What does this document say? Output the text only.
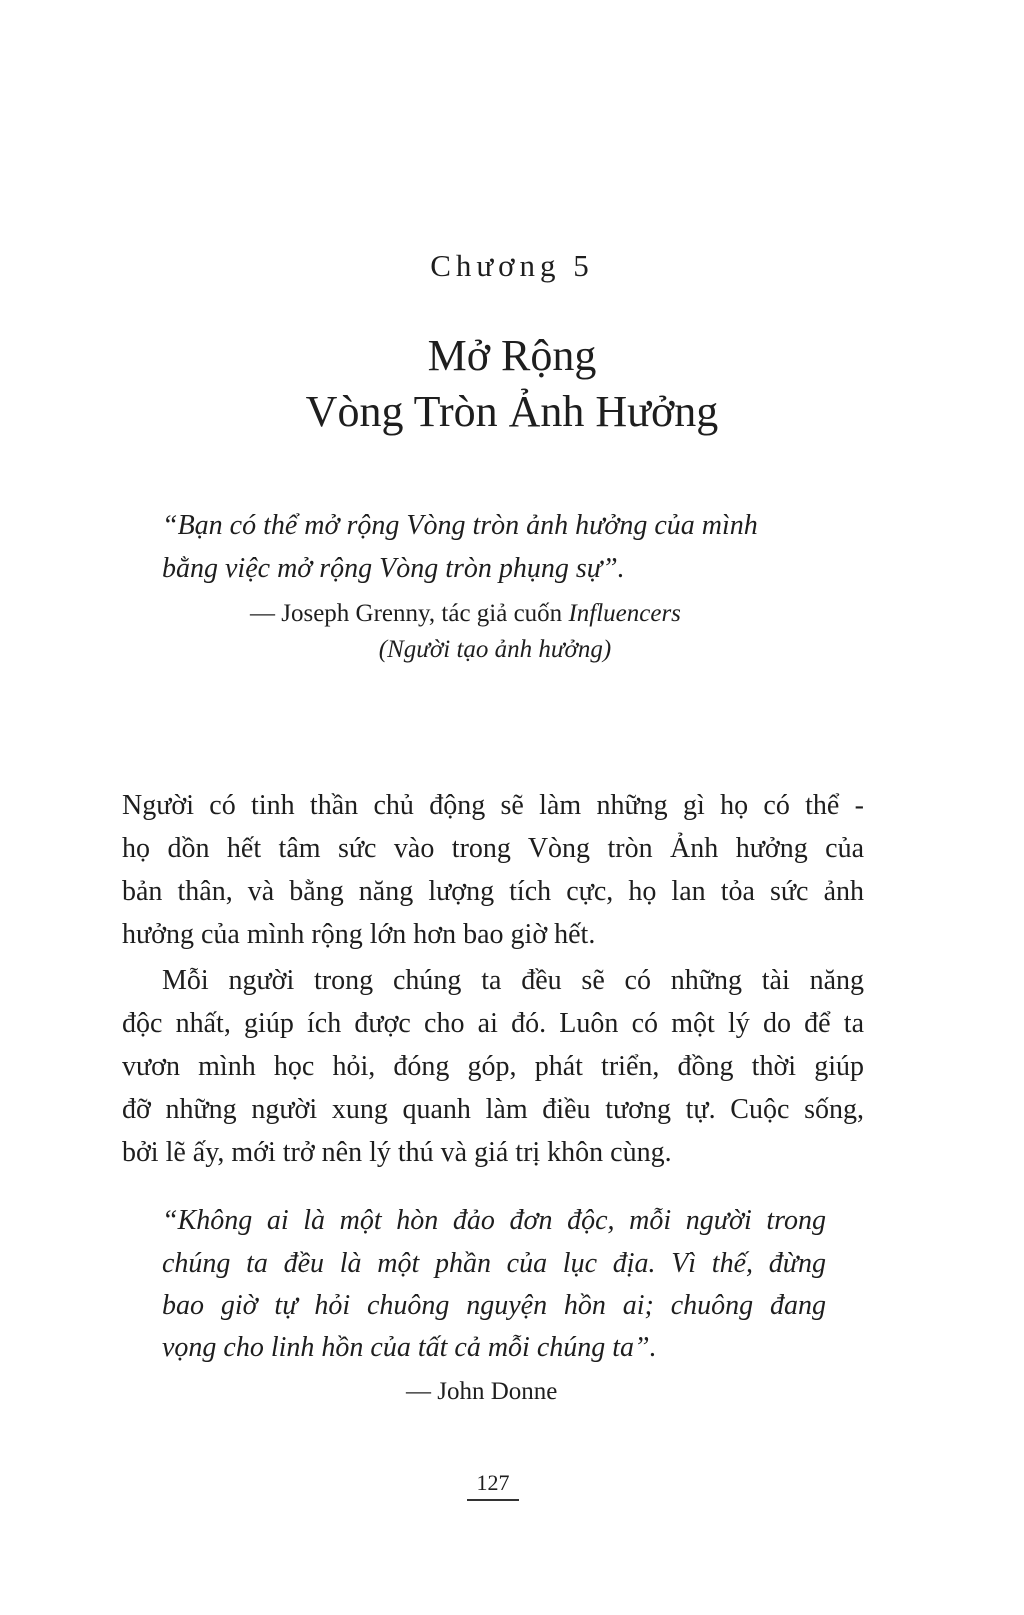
Chương 5
Mở Rộng
Vòng Tròn Ảnh Hưởng
“Bạn có thể mở rộng Vòng tròn ảnh hưởng của mình
bằng việc mở rộng Vòng tròn phụng sự”.
— Joseph Grenny, tác giả cuốn Influencers
(Người tạo ảnh hưởng)
Người có tinh thần chủ động sẽ làm những gì họ có thể -
họ dồn hết tâm sức vào trong Vòng tròn Ảnh hưởng của
bản thân, và bằng năng lượng tích cực, họ lan tỏa sức ảnh
hưởng của mình rộng lớn hơn bao giờ hết.
Mỗi người trong chúng ta đều sẽ có những tài năng
độc nhất, giúp ích được cho ai đó. Luôn có một lý do để ta
vươn mình học hỏi, đóng góp, phát triển, đồng thời giúp
đỡ những người xung quanh làm điều tương tự. Cuộc sống,
bởi lẽ ấy, mới trở nên lý thú và giá trị khôn cùng.
“Không ai là một hòn đảo đơn độc, mỗi người trong
chúng ta đều là một phần của lục địa. Vì thế, đừng
bao giờ tự hỏi chuông nguyện hồn ai; chuông đang
vọng cho linh hồn của tất cả mỗi chúng ta”.
— John Donne
127
